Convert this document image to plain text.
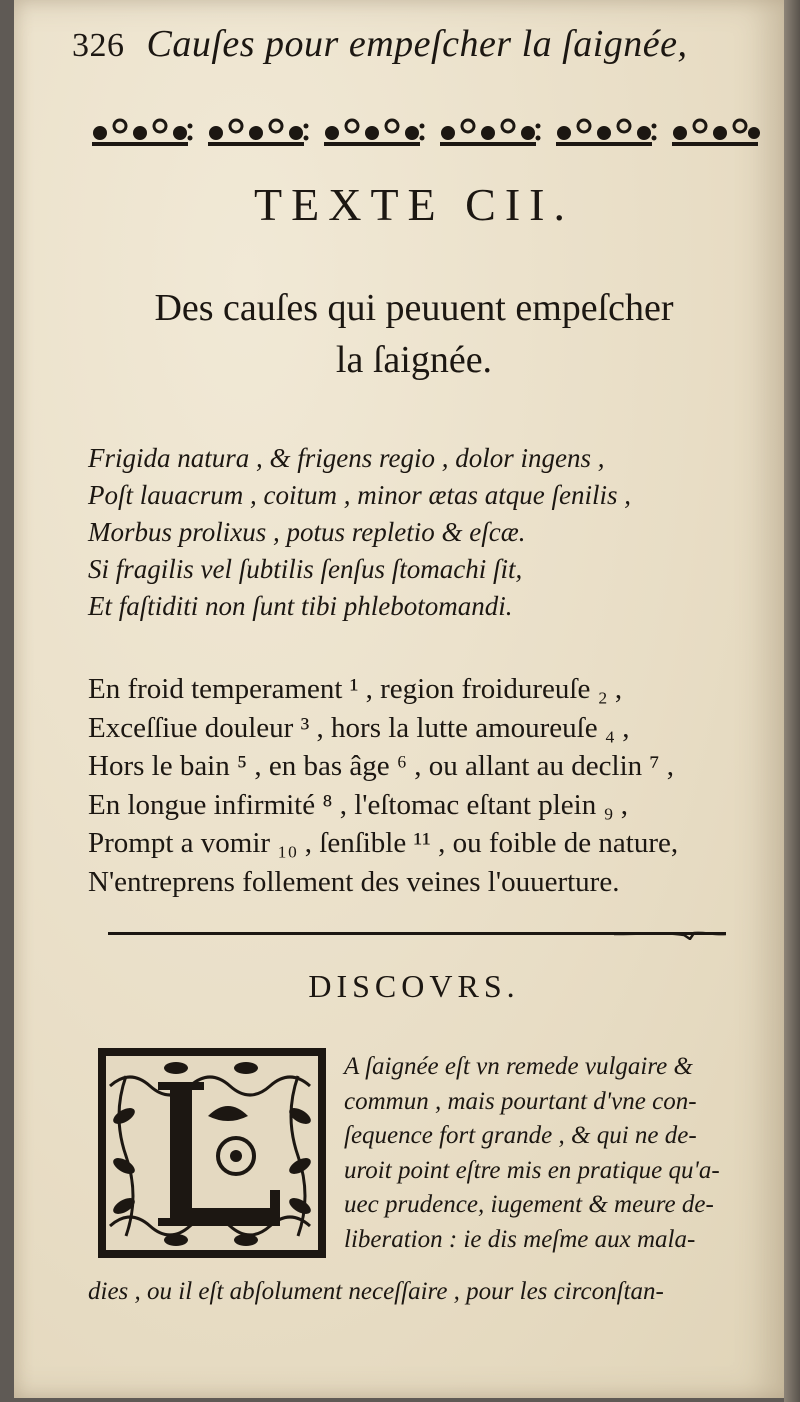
326 Cauſes pour empeſcher la ſaignée,
TEXTE CII.
Des cauſes qui peuuent empeſcher
la ſaignée.
Frigida natura , & frigens regio , dolor ingens ,
Poſt lauacrum , coitum , minor ætas atque ſenilis ,
Morbus prolixus , potus repletio & eſcæ.
Si fragilis vel ſubtilis ſenſus ſtomachi ſit,
Et faſtiditi non ſunt tibi phlebotomandi.
En froid temperament ¹ , region froidureuſe ₂ ,
Exceſſiue douleur ³ , hors la lutte amoureuſe ₄ ,
Hors le bain ⁵ , en bas âge ⁶ , ou allant au declin ⁷ ,
En longue infirmité ⁸ , l'eſtomac eſtant plein ₉ ,
Prompt a vomir ₁₀ , ſenſible ¹¹ , ou foible de nature,
N'entreprens follement des veines l'ouuerture.
DISCOVRS.
A ſaignée eſt vn remede vulgaire &
commun , mais pourtant d'vne con-
ſequence fort grande , & qui ne de-
uroit point eſtre mis en pratique qu'a-
uec prudence, iugement & meure de-
liberation : ie dis meſme aux mala-
dies , ou il eſt abſolument neceſſaire , pour les circonſtan-
